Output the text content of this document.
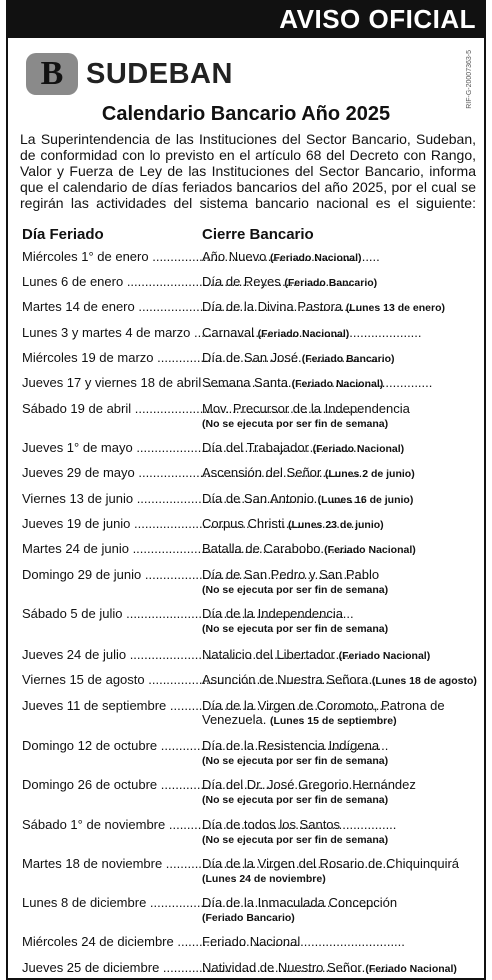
AVISO OFICIAL
B SUDEBAN	RIF-G-20007363-5
Calendario Bancario Año 2025
La Superintendencia de las Instituciones del Sector Bancario, Sudeban, de conformidad con lo previsto en el artículo 68 del Decreto con Rango, Valor y Fuerza de Ley de las Instituciones del Sector Bancario, informa que el calendario de días feriados bancarios del año 2025, por el cual se regirán las actividades del sistema bancario nacional es el siguiente:
Día Feriado	Cierre Bancario
Miércoles 1° de enero .....	Año Nuevo (Feriado Nacional)
Lunes 6 de enero .....	Día de Reyes (Feriado Bancario)
Martes 14 de enero .....	Día de la Divina Pastora (Lunes 13 de enero)
Lunes 3 y martes 4 de marzo ..... Carnaval (Feriado Nacional)
Miércoles 19 de marzo .....	Día de San José (Feriado Bancario)
Jueves 17 y viernes 18 de abril ..... Semana Santa (Feriado Nacional)
Sábado 19 de abril .....	Mov. Precursor de la Independencia
(No se ejecuta por ser fin de semana)
Jueves 1° de mayo .....	Día del Trabajador (Feriado Nacional)
Jueves 29 de mayo .....	Ascensión del Señor (Lunes 2 de junio)
Viernes 13 de junio .....	Día de San Antonio (Lunes 16 de junio)
Jueves 19 de junio .....	Corpus Christi (Lunes 23 de junio)
Martes 24 de junio .....	Batalla de Carabobo (Feriado Nacional)
Domingo 29 de junio .....	Día de San Pedro y San Pablo
(No se ejecuta por ser fin de semana)
Sábado 5 de julio .....	Día de la Independencia
(No se ejecuta por ser fin de semana)
Jueves 24 de julio .....	Natalicio del Libertador (Feriado Nacional)
Viernes 15 de agosto .....	Asunción de Nuestra Señora (Lunes 18 de agosto)
Jueves 11 de septiembre .....	Día de la Virgen de Coromoto, Patrona de Venezuela. (Lunes 15 de septiembre)
Domingo 12 de octubre .....	Día de la Resistencia Indígena
(No se ejecuta por ser fin de semana)
Domingo 26 de octubre .....	Día del Dr. José Gregorio Hernández
(No se ejecuta por ser fin de semana)
Sábado 1° de noviembre .....	Día de todos los Santos
(No se ejecuta por ser fin de semana)
Martes 18 de noviembre .....	Día de la Virgen del Rosario de Chiquinquirá
(Lunes 24 de noviembre)
Lunes 8 de diciembre .....	Día de la Inmaculada Concepción
(Feriado Bancario)
Miércoles 24 de diciembre .....	Feriado Nacional
Jueves 25 de diciembre .....	Natividad de Nuestro Señor (Feriado Nacional)
